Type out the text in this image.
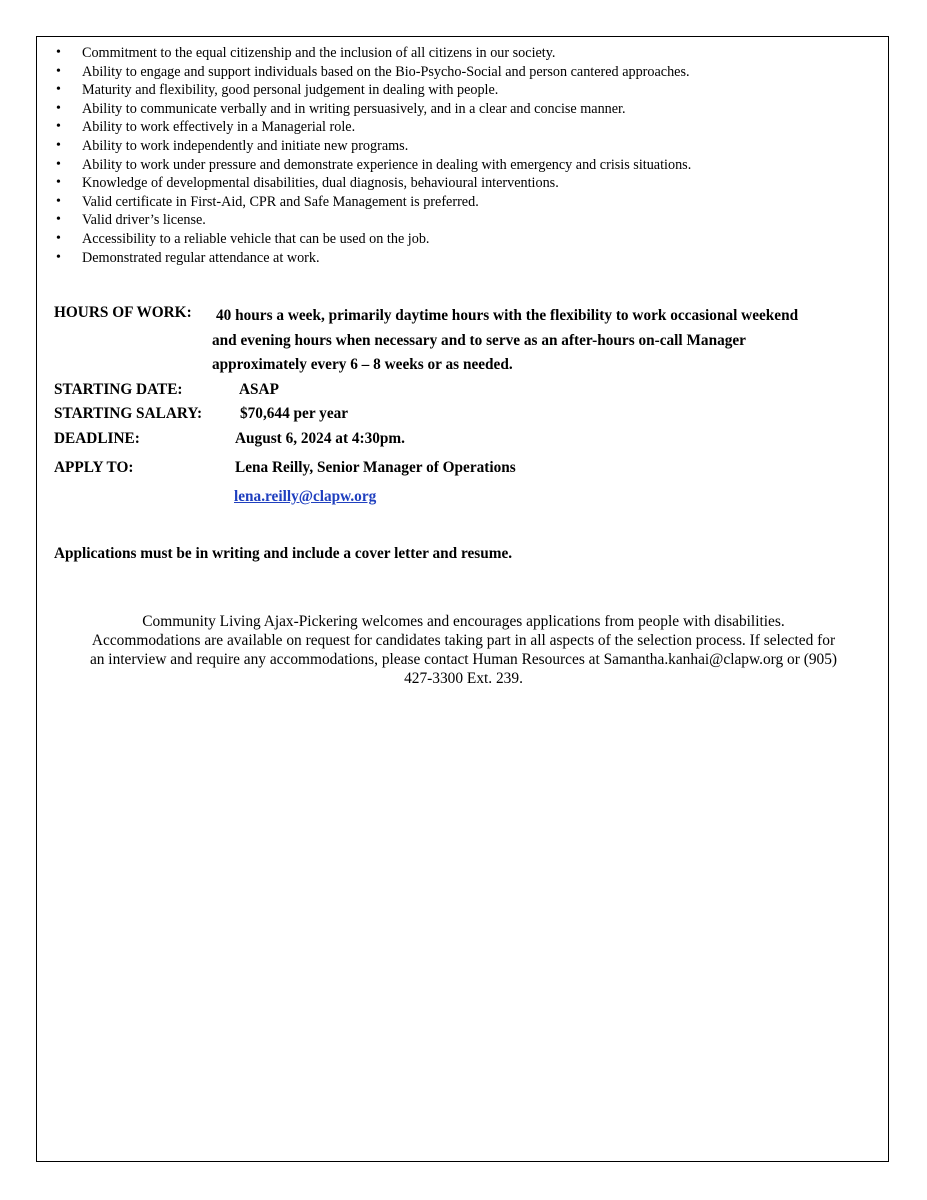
• Commitment to the equal citizenship and the inclusion of all citizens in our society.
• Ability to engage and support individuals based on the Bio-Psycho-Social and person cantered approaches.
• Maturity and flexibility, good personal judgement in dealing with people.
• Ability to communicate verbally and in writing persuasively, and in a clear and concise manner.
• Ability to work effectively in a Managerial role.
• Ability to work independently and initiate new programs.
• Ability to work under pressure and demonstrate experience in dealing with emergency and crisis situations.
• Knowledge of developmental disabilities, dual diagnosis, behavioural interventions.
• Valid certificate in First-Aid, CPR and Safe Management is preferred.
• Valid driver’s license.
• Accessibility to a reliable vehicle that can be used on the job.
• Demonstrated regular attendance at work.
HOURS OF WORK: 40 hours a week, primarily daytime hours with the flexibility to work occasional weekend
and evening hours when necessary and to serve as an after-hours on-call Manager
approximately every 6 – 8 weeks or as needed.
STARTING DATE:	ASAP
STARTING SALARY: $70,644 per year
DEADLINE:	August 6, 2024 at 4:30pm.
APPLY TO:	Lena Reilly, Senior Manager of Operations
lena.reilly@clapw.org
Applications must be in writing and include a cover letter and resume.
Community Living Ajax-Pickering welcomes and encourages applications from people with disabilities.
Accommodations are available on request for candidates taking part in all aspects of the selection process. If selected for
an interview and require any accommodations, please contact Human Resources at Samantha.kanhai@clapw.org or (905)
427-3300 Ext. 239.
